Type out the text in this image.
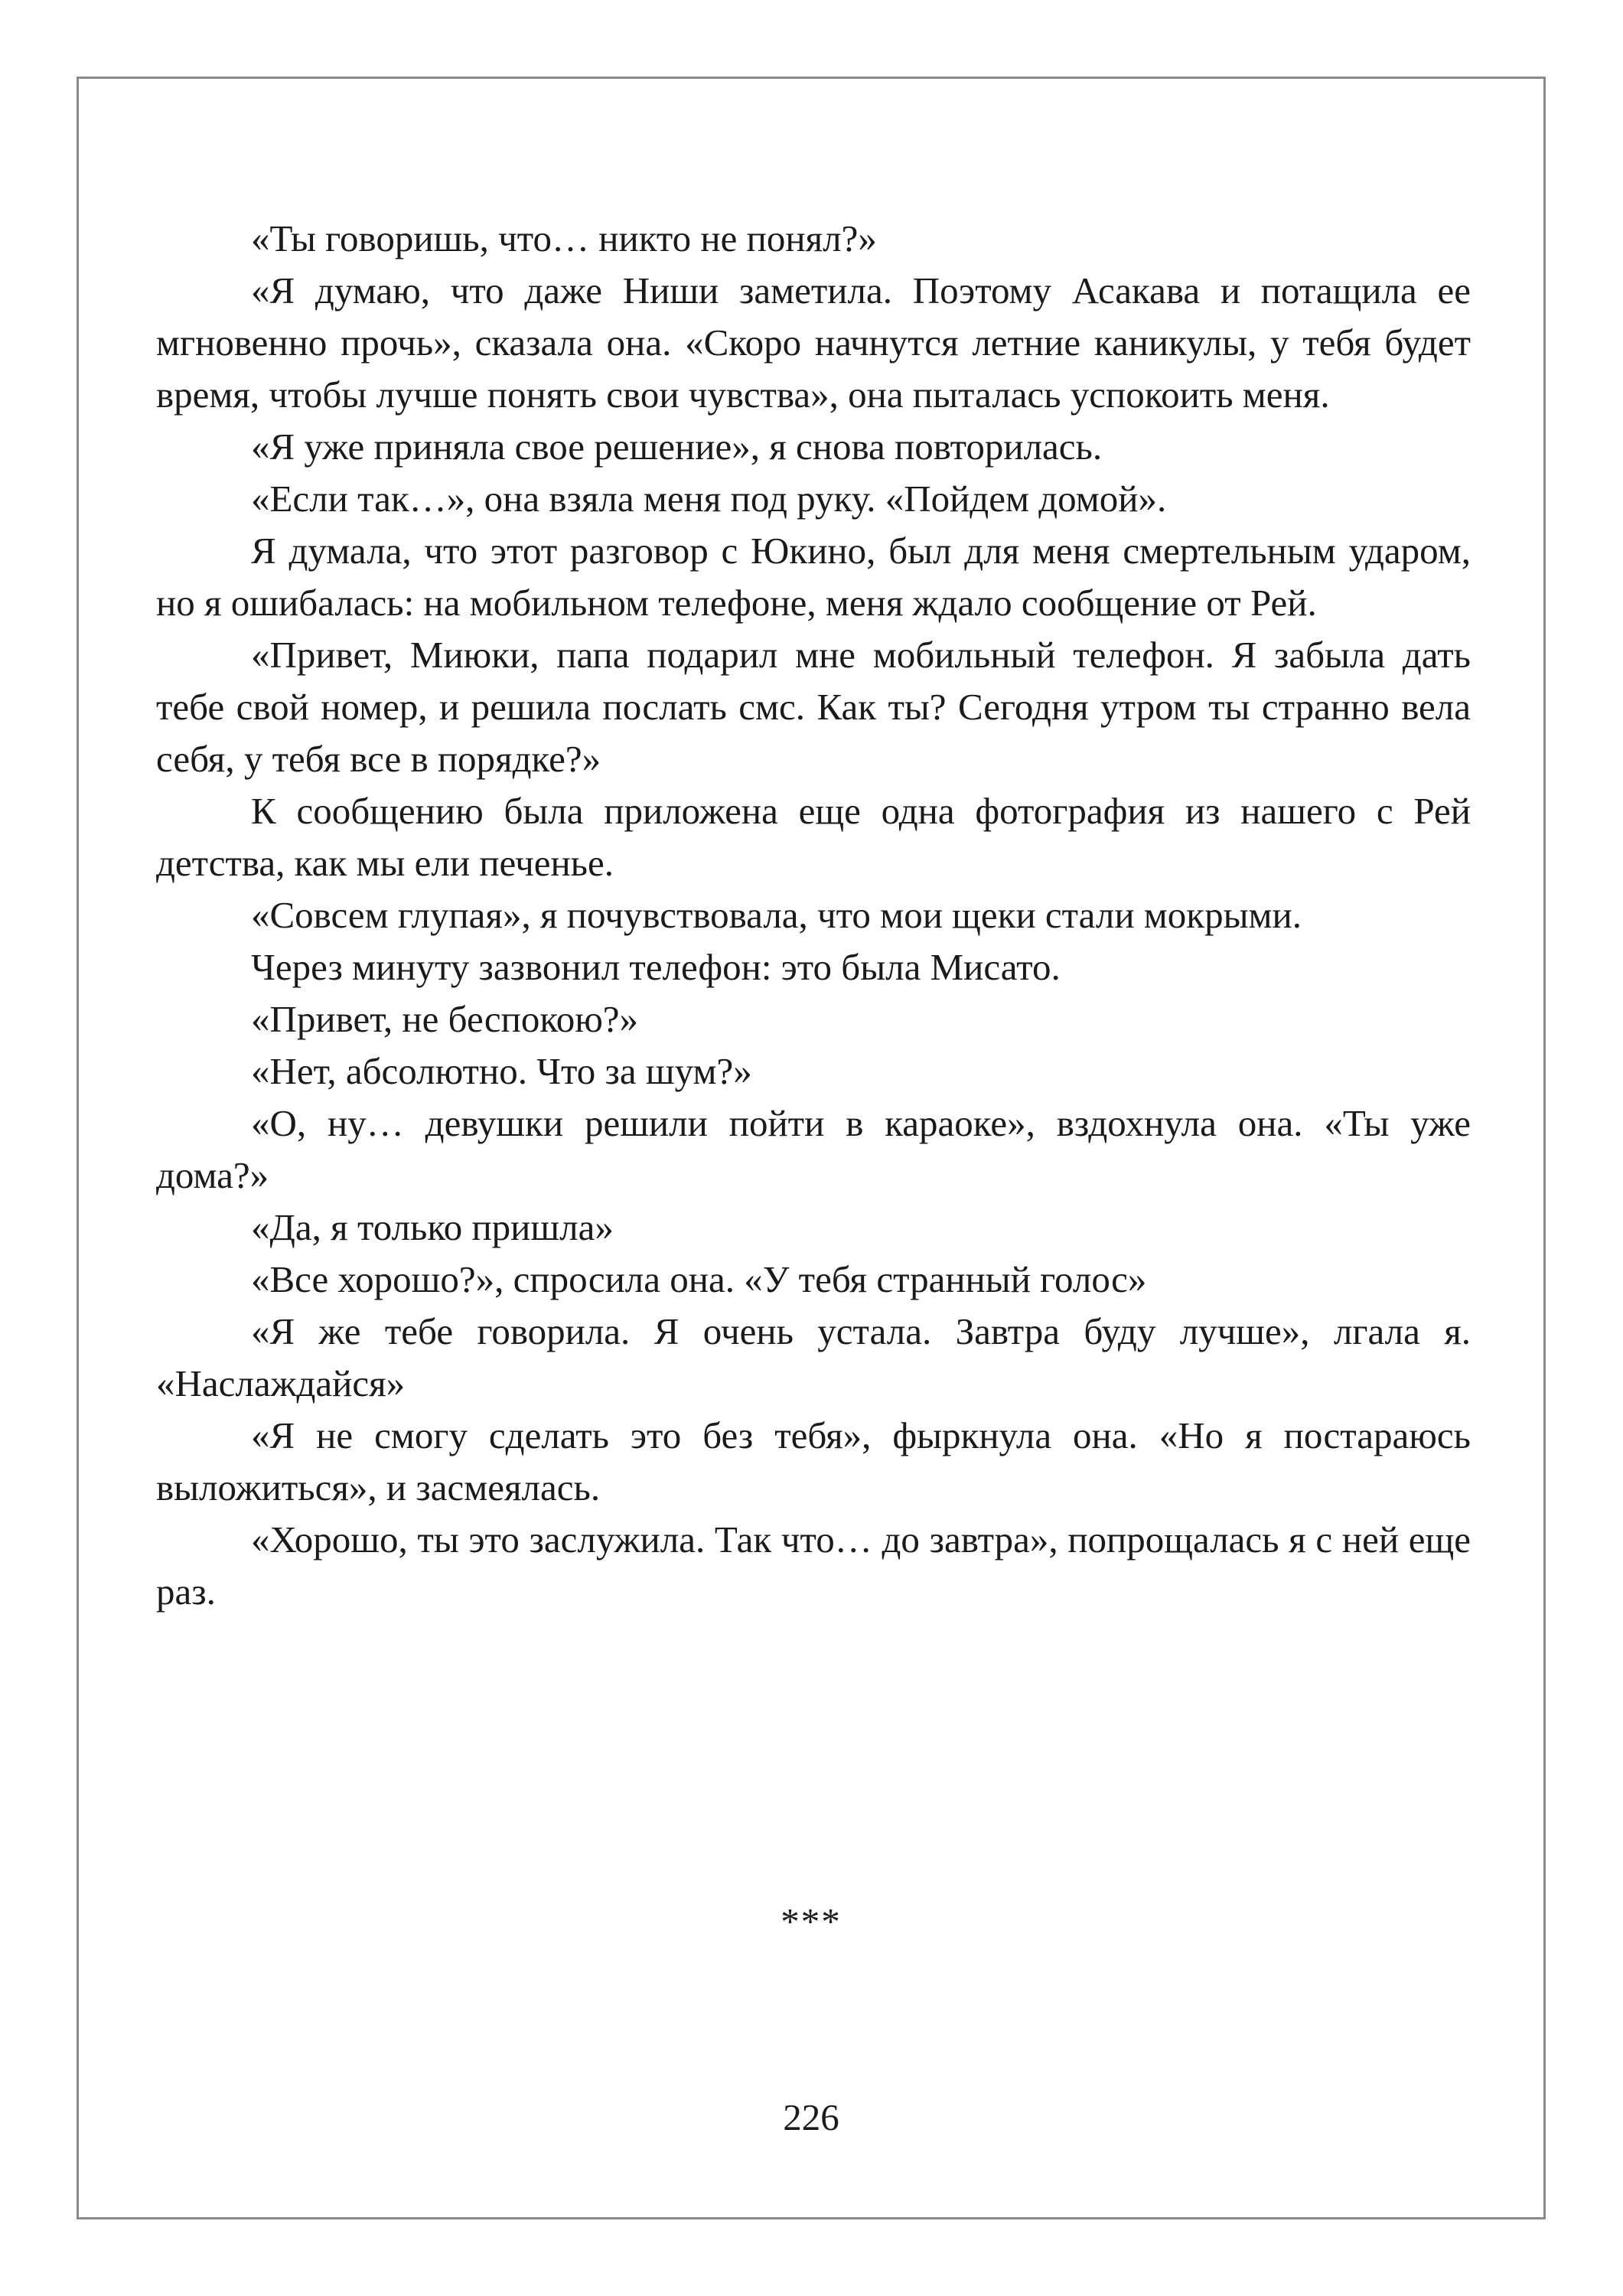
«Ты говоришь, что… никто не понял?»

«Я думаю, что даже Ниши заметила. Поэтому Асакава и потащила ее мгновенно прочь», сказала она. «Скоро начнутся летние каникулы, у тебя будет время, чтобы лучше понять свои чувства», она пыталась успокоить меня.

«Я уже приняла свое решение», я снова повторилась.

«Если так…», она взяла меня под руку. «Пойдем домой».

Я думала, что этот разговор с Юкино, был для меня смертельным ударом, но я ошибалась: на мобильном телефоне, меня ждало сообщение от Рей.

«Привет, Миюки, папа подарил мне мобильный телефон. Я забыла дать тебе свой номер, и решила послать смс. Как ты? Сегодня утром ты странно вела себя, у тебя все в порядке?»

К сообщению была приложена еще одна фотография из нашего с Рей детства, как мы ели печенье.

«Совсем глупая», я почувствовала, что мои щеки стали мокрыми.

Через минуту зазвонил телефон: это была Мисато.

«Привет, не беспокою?»

«Нет, абсолютно. Что за шум?»

«О, ну… девушки решили пойти в караоке», вздохнула она. «Ты уже дома?»

«Да, я только пришла»

«Все хорошо?», спросила она. «У тебя странный голос»

«Я же тебе говорила. Я очень устала. Завтра буду лучше», лгала я. «Наслаждайся»

«Я не смогу сделать это без тебя», фыркнула она. «Но я постараюсь выложиться», и засмеялась.

«Хорошо, ты это заслужила. Так что… до завтра», попрощалась я с ней еще раз.

***
226
